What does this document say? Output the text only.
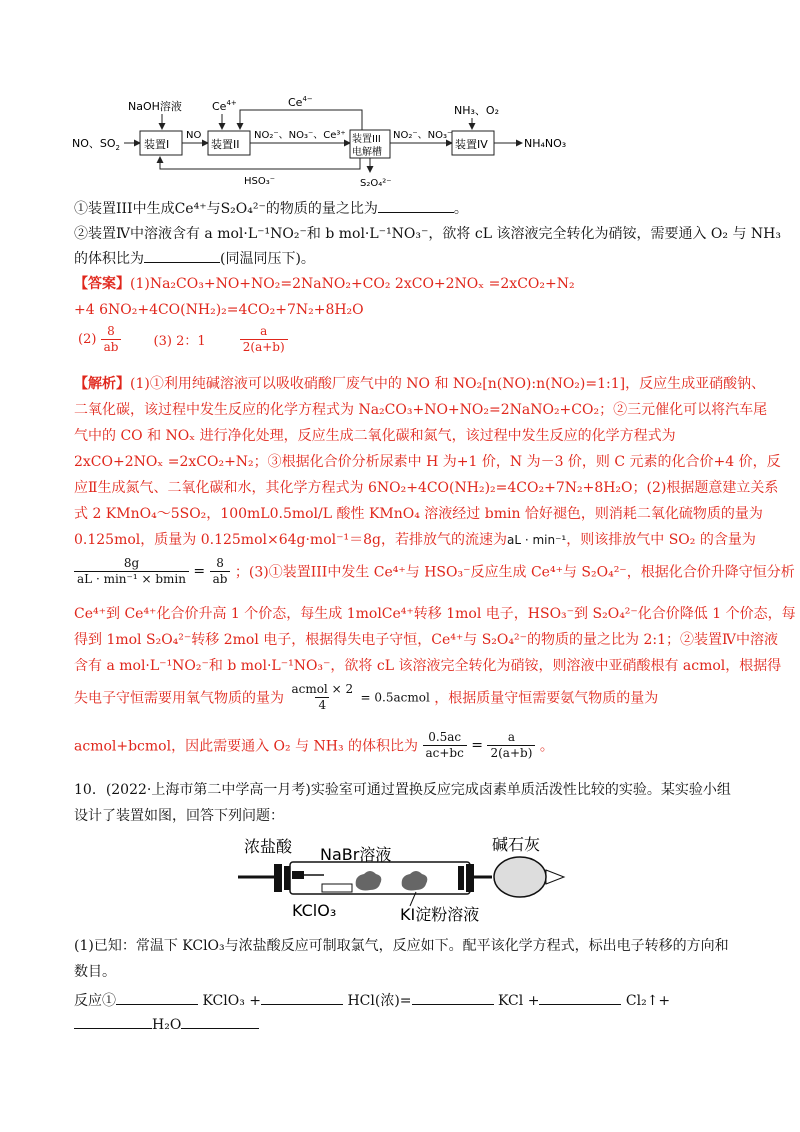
NaOH溶液	$Ce^{4+}$	$Ce^{4-}$
NO、$SO_2$ 装置I
NO
装置II
NO₂⁻、NO₃⁻、Ce³⁺ 装置III
电解槽
NO₂⁻、NO₃⁻
NH₃、O₂
装置IV	NH₄NO₃
HSO₃⁻	S₂O₄²⁻
①装置III中生成Ce⁴⁺与S₂O₄²⁻的物质的量之比为	。
②装置Ⅳ中溶液含有 a mol·L⁻¹NO₂⁻和 b mol·L⁻¹NO₃⁻，欲将 cL 该溶液完全转化为硝铵，需要通入 O₂ 与 NH₃
的体积比为	(同温同压下)。
【答案】(1)Na₂CO₃+NO+NO₂=2NaNO₂+CO₂ 2xCO+2NOₓ =2xCO₂+N₂
+4 6NO₂+4CO(NH₂)₂=4CO₂+7N₂+8H₂O
$(2) \frac{8}{ab} (3)$ 2：1	$\frac{a}{2(a+b)}$
【解析】(1)①利用纯碱溶液可以吸收硝酸厂废气中的 NO 和 NO₂[n(NO):n(NO₂)=1:1]，反应生成亚硝酸钠、
二氧化碳，该过程中发生反应的化学方程式为 Na₂CO₃+NO+NO₂=2NaNO₂+CO₂；②三元催化可以将汽车尾
气中的 CO 和 NOₓ 进行净化处理，反应生成二氧化碳和氮气，该过程中发生反应的化学方程式为
2xCO+2NOₓ =2xCO₂+N₂；③根据化合价分析尿素中 H 为+1 价，N 为－3 价，则 C 元素的化合价+4 价，反
应Ⅱ生成氮气、二氧化碳和水，其化学方程式为 6NO₂+4CO(NH₂)₂=4CO₂+7N₂+8H₂O；(2)根据题意建立关系
式 2 KMnO₄～5SO₂，100mL0.5mol/L 酸性 KMnO₄ 溶液经过 bmin 恰好褪色，则消耗二氧化硫物质的量为
0.125mol，质量为 0.125mol×64g·mol⁻¹＝8g，若排放气的流速为aL · min⁻¹，则该排放气中 SO₂ 的含量为
$\frac{8g}{\text{aL · min⁻¹ × bmin}} = \frac{8}{ab}$ ；(3)①装置III中发生 Ce⁴⁺与 HSO₃⁻反应生成 Ce⁴⁺与 S₂O₄²⁻，根据化合价升降守恒分析
Ce⁴⁺到 Ce⁴⁺化合价升高 1 个价态，每生成 1molCe⁴⁺转移 1mol 电子，HSO₃⁻到 S₂O₄²⁻化合价降低 1 个价态，每
得到 1mol S₂O₄²⁻转移 2mol 电子，根据得失电子守恒，Ce⁴⁺与 S₂O₄²⁻的物质的量之比为 2:1；②装置Ⅳ中溶液
含有 a mol·L⁻¹NO₂⁻和 b mol·L⁻¹NO₃⁻，欲将 cL 该溶液完全转化为硝铵，则溶液中亚硝酸根有 acmol，根据得
失电子守恒需要用氧气物质的量为 $\frac{\text{acmol × 2}}{4}$ = 0.5acmol ，根据质量守恒需要氨气物质的量为
acmol+bcmol，因此需要通入 O₂ 与 NH₃ 的体积比为 $\frac{0.5ac}{ac+bc} = \frac{a}{2(a+b)}$ 。
10．(2022·上海市第二中学高一月考)实验室可通过置换反应完成卤素单质活泼性比较的实验。某实验小组
设计了装置如图，回答下列问题：
浓盐酸 NaBr溶液
碱石灰
KClO₃	KI淀粉溶液
(1)已知：常温下 KClO₃与浓盐酸反应可制取氯气，反应如下。配平该化学方程式，标出电子转移的方向和
数目。
反应①	KClO₃ +	HCl(浓)=	KCl +	Cl₂↑+
H₂O
